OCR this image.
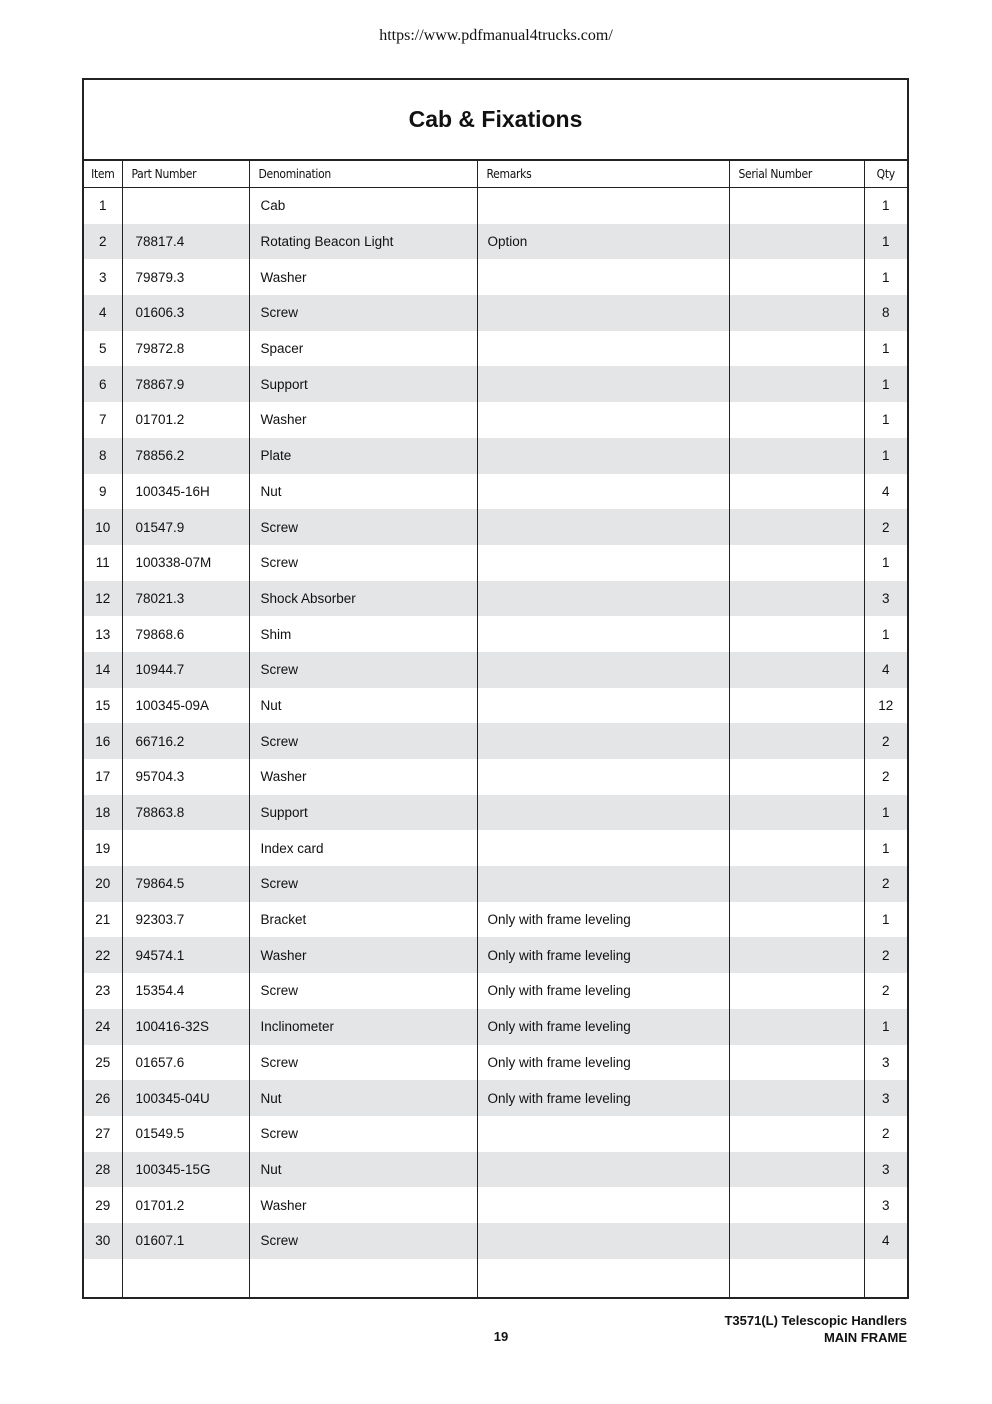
https://www.pdfmanual4trucks.com/
Cab & Fixations
Item	Part Number	Denomination	Remarks	Serial Number	Qty
1		Cab			1
2	78817.4	Rotating Beacon Light	Option		1
3	79879.3	Washer			1
4	01606.3	Screw			8
5	79872.8	Spacer			1
6	78867.9	Support			1
7	01701.2	Washer			1
8	78856.2	Plate			1
9	100345-16H	Nut			4
10	01547.9	Screw			2
11	100338-07M	Screw			1
12	78021.3	Shock Absorber			3
13	79868.6	Shim			1
14	10944.7	Screw			4
15	100345-09A	Nut			12
16	66716.2	Screw			2
17	95704.3	Washer			2
18	78863.8	Support			1
19		Index card			1
20	79864.5	Screw			2
21	92303.7	Bracket	Only with frame leveling		1
22	94574.1	Washer	Only with frame leveling		2
23	15354.4	Screw	Only with frame leveling		2
24	100416-32S	Inclinometer	Only with frame leveling		1
25	01657.6	Screw	Only with frame leveling		3
26	100345-04U	Nut	Only with frame leveling		3
27	01549.5	Screw			2
28	100345-15G	Nut			3
29	01701.2	Washer			3
30	01607.1	Screw			4

19
T3571(L) Telescopic Handlers
MAIN FRAME
